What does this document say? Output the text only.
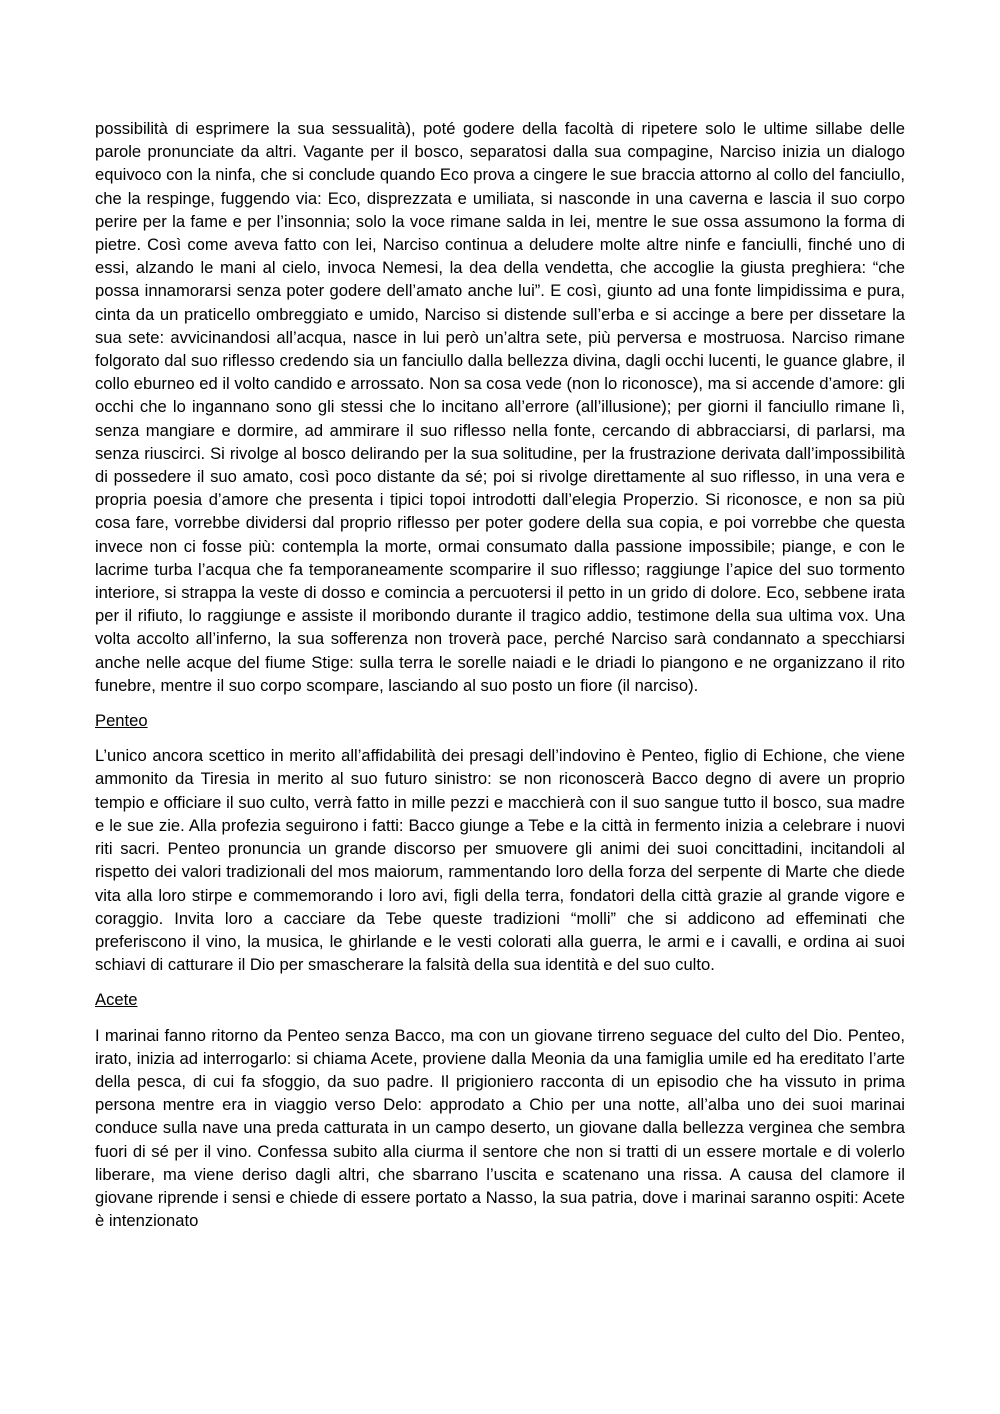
possibilità di esprimere la sua sessualità), poté godere della facoltà di ripetere solo le ultime sillabe delle parole pronunciate da altri. Vagante per il bosco, separatosi dalla sua compagine, Narciso inizia un dialogo equivoco con la ninfa, che si conclude quando Eco prova a cingere le sue braccia attorno al collo del fanciullo, che la respinge, fuggendo via: Eco, disprezzata e umiliata, si nasconde in una caverna e lascia il suo corpo perire per la fame e per l’insonnia; solo la voce rimane salda in lei, mentre le sue ossa assumono la forma di pietre. Così come aveva fatto con lei, Narciso continua a deludere molte altre ninfe e fanciulli, finché uno di essi, alzando le mani al cielo, invoca Nemesi, la dea della vendetta, che accoglie la giusta preghiera: “che possa innamorarsi senza poter godere dell’amato anche lui”. E così, giunto ad una fonte limpidissima e pura, cinta da un praticello ombreggiato e umido, Narciso si distende sull’erba e si accinge a bere per dissetare la sua sete: avvicinandosi all’acqua, nasce in lui però un’altra sete, più perversa e mostruosa. Narciso rimane folgorato dal suo riflesso credendo sia un fanciullo dalla bellezza divina, dagli occhi lucenti, le guance glabre, il collo eburneo ed il volto candido e arrossato. Non sa cosa vede (non lo riconosce), ma si accende d’amore: gli occhi che lo ingannano sono gli stessi che lo incitano all’errore (all’illusione); per giorni il fanciullo rimane lì, senza mangiare e dormire, ad ammirare il suo riflesso nella fonte, cercando di abbracciarsi, di parlarsi, ma senza riuscirci. Si rivolge al bosco delirando per la sua solitudine, per la frustrazione derivata dall’impossibilità di possedere il suo amato, così poco distante da sé; poi si rivolge direttamente al suo riflesso, in una vera e propria poesia d’amore che presenta i tipici topoi introdotti dall’elegia Properzio. Si riconosce, e non sa più cosa fare, vorrebbe dividersi dal proprio riflesso per poter godere della sua copia, e poi vorrebbe che questa invece non ci fosse più: contempla la morte, ormai consumato dalla passione impossibile; piange, e con le lacrime turba l’acqua che fa temporaneamente scomparire il suo riflesso; raggiunge l’apice del suo tormento interiore, si strappa la veste di dosso e comincia a percuotersi il petto in un grido di dolore. Eco, sebbene irata per il rifiuto, lo raggiunge e assiste il moribondo durante il tragico addio, testimone della sua ultima vox. Una volta accolto all’inferno, la sua sofferenza non troverà pace, perché Narciso sarà condannato a specchiarsi anche nelle acque del fiume Stige: sulla terra le sorelle naiadi e le driadi lo piangono e ne organizzano il rito funebre, mentre il suo corpo scompare, lasciando al suo posto un fiore (il narciso).

Penteo

L’unico ancora scettico in merito all’affidabilità dei presagi dell’indovino è Penteo, figlio di Echione, che viene ammonito da Tiresia in merito al suo futuro sinistro: se non riconoscerà Bacco degno di avere un proprio tempio e officiare il suo culto, verrà fatto in mille pezzi e macchierà con il suo sangue tutto il bosco, sua madre e le sue zie. Alla profezia seguirono i fatti: Bacco giunge a Tebe e la città in fermento inizia a celebrare i nuovi riti sacri. Penteo pronuncia un grande discorso per smuovere gli animi dei suoi concittadini, incitandoli al rispetto dei valori tradizionali del mos maiorum, rammentando loro della forza del serpente di Marte che diede vita alla loro stirpe e commemorando i loro avi, figli della terra, fondatori della città grazie al grande vigore e coraggio. Invita loro a cacciare da Tebe queste tradizioni “molli” che si addicono ad effeminati che preferiscono il vino, la musica, le ghirlande e le vesti colorati alla guerra, le armi e i cavalli, e ordina ai suoi schiavi di catturare il Dio per smascherare la falsità della sua identità e del suo culto.

Acete

I marinai fanno ritorno da Penteo senza Bacco, ma con un giovane tirreno seguace del culto del Dio. Penteo, irato, inizia ad interrogarlo: si chiama Acete, proviene dalla Meonia da una famiglia umile ed ha ereditato l’arte della pesca, di cui fa sfoggio, da suo padre. Il prigioniero racconta di un episodio che ha vissuto in prima persona mentre era in viaggio verso Delo: approdato a Chio per una notte, all’alba uno dei suoi marinai conduce sulla nave una preda catturata in un campo deserto, un giovane dalla bellezza verginea che sembra fuori di sé per il vino. Confessa subito alla ciurma il sentore che non si tratti di un essere mortale e di volerlo liberare, ma viene deriso dagli altri, che sbarrano l’uscita e scatenano una rissa. A causa del clamore il giovane riprende i sensi e chiede di essere portato a Nasso, la sua patria, dove i marinai saranno ospiti: Acete è intenzionato
